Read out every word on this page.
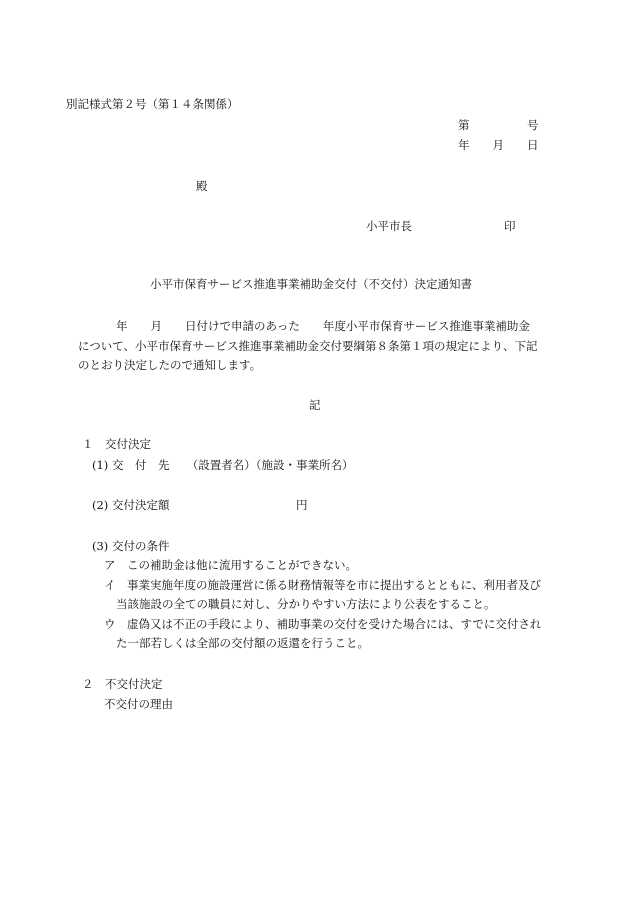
別記様式第２号（第１４条関係）
第　　　　　号
年　　月　　日
殿
小平市長　　　　　　　　印
小平市保育サービス推進事業補助金交付（不交付）決定通知書
年　　月　　日付けで申請のあった　　年度小平市保育サービス推進事業補助金
について、小平市保育サービス推進事業補助金交付要綱第８条第１項の規定により、下記
のとおり決定したので通知します。
記
１　交付決定
(1) 交　付　先　　（設置者名）（施設・事業所名）
(2) 交付決定額　　　　　　　　　　　円
(3) 交付の条件
ア　この補助金は他に流用することができない。
イ　事業実施年度の施設運営に係る財務情報等を市に提出するとともに、利用者及び
当該施設の全ての職員に対し、分かりやすい方法により公表をすること。
ウ　虚偽又は不正の手段により、補助事業の交付を受けた場合には、すでに交付され
た一部若しくは全部の交付額の返還を行うこと。
２　不交付決定
不交付の理由
